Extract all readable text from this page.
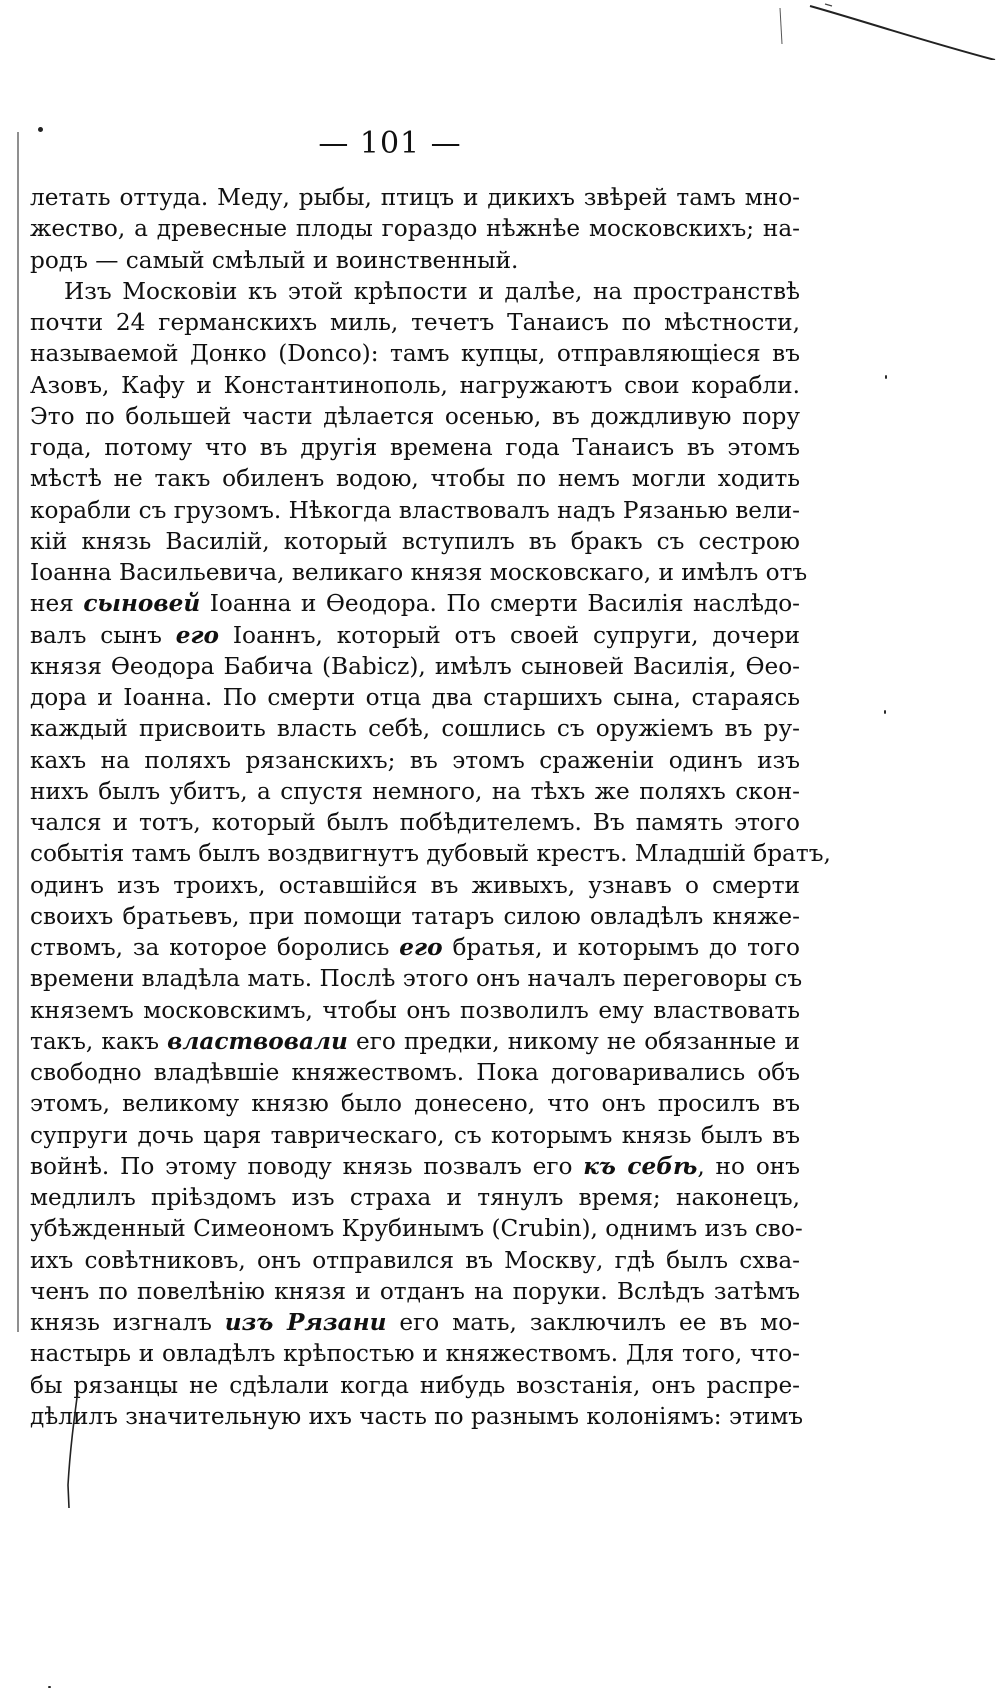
— 101 —
летать оттуда. Меду, рыбы, птицъ и дикихъ звѣрей тамъ мно-
жество, а древесные плоды гораздо нѣжнѣе московскихъ; на-
родъ — самый смѣлый и воинственный.
Изъ Московіи къ этой крѣпости и далѣе, на пространствѣ
почти 24 германскихъ миль, течетъ Танаисъ по мѣстности,
называемой Донко (Donco): тамъ купцы, отправляющіеся въ
Азовъ, Кафу и Константинополь, нагружаютъ свои корабли.
Это по большей части дѣлается осенью, въ дождливую пору
года, потому что въ другія времена года Танаисъ въ этомъ
мѣстѣ не такъ обиленъ водою, чтобы по немъ могли ходить
корабли съ грузомъ. Нѣкогда властвовалъ надъ Рязанью вели-
кій князь Василій, который вступилъ въ бракъ съ сестрою
Іоанна Васильевича, великаго князя московскаго, и имѣлъ отъ
нея сыновей Іоанна и Ѳеодора. По смерти Василія наслѣдо-
валъ сынъ его Іоаннъ, который отъ своей супруги, дочери
князя Ѳеодора Бабича (Babicz), имѣлъ сыновей Василія, Ѳео-
дора и Іоанна. По смерти отца два старшихъ сына, стараясь
каждый присвоить власть себѣ, сошлись съ оружіемъ въ ру-
кахъ на поляхъ рязанскихъ; въ этомъ сраженіи одинъ изъ
нихъ былъ убитъ, а спустя немного, на тѣхъ же поляхъ скон-
чался и тотъ, который былъ побѣдителемъ. Въ память этого
событія тамъ былъ воздвигнутъ дубовый крестъ. Младшій братъ,
одинъ изъ троихъ, оставшійся въ живыхъ, узнавъ о смерти
своихъ братьевъ, при помощи татаръ силою овладѣлъ княже-
ствомъ, за которое боролись его братья, и которымъ до того
времени владѣла мать. Послѣ этого онъ началъ переговоры съ
княземъ московскимъ, чтобы онъ позволилъ ему властвовать
такъ, какъ властвовали его предки, никому не обязанные и
свободно владѣвшіе княжествомъ. Пока договаривались объ
этомъ, великому князю было донесено, что онъ просилъ въ
супруги дочь царя таврическаго, съ которымъ князь былъ въ
войнѣ. По этому поводу князь позвалъ его къ себѣ, но онъ
медлилъ пріѣздомъ изъ страха и тянулъ время; наконецъ,
убѣжденный Симеономъ Крубинымъ (Crubin), однимъ изъ сво-
ихъ совѣтниковъ, онъ отправился въ Москву, гдѣ былъ схва-
ченъ по повелѣнію князя и отданъ на поруки. Вслѣдъ затѣмъ
князь изгналъ изъ Рязани его мать, заключилъ ее въ мо-
настырь и овладѣлъ крѣпостью и княжествомъ. Для того, что-
бы рязанцы не сдѣлали когда нибудь возстанія, онъ распре-
дѣлилъ значительную ихъ часть по разнымъ колоніямъ: этимъ
